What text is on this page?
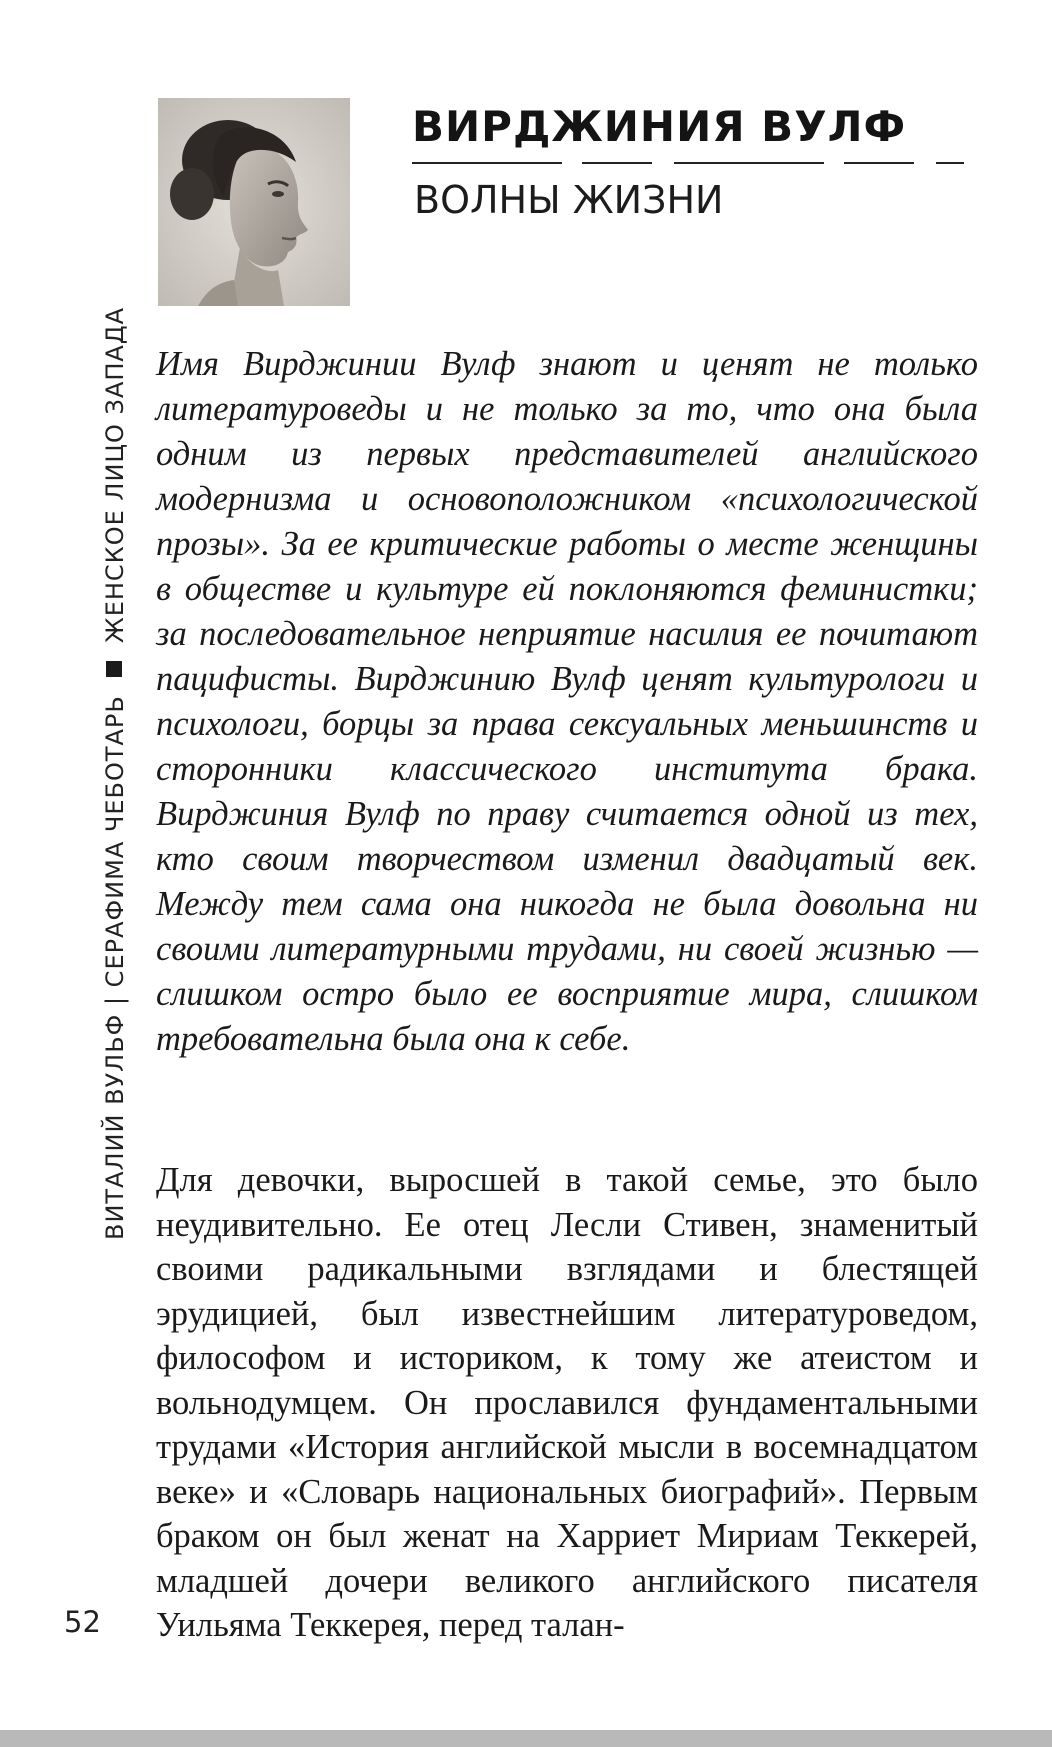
ВИТАЛИЙ ВУЛЬФ | СЕРАФИМА ЧЕБОТАРЬЖЕНСКОЕ ЛИЦО ЗАПАДА
ВИРДЖИНИЯ ВУЛФ
ВОЛНЫ ЖИЗНИ

Имя Вирджинии Вулф знают и ценят не только литературоведы и не только за то, что она была одним из первых представителей английского модернизма и основоположником «психологической прозы». За ее критические работы о месте женщины в обществе и культуре ей поклоняются феминистки; за последовательное неприятие насилия ее почитают пацифисты. Вирджинию Вулф ценят культурологи и психологи, борцы за права сексуальных меньшинств и сторонники классического института брака. Вирджиния Вулф по праву считается одной из тех, кто своим творчеством изменил двадцатый век. Между тем сама она никогда не была довольна ни своими литературными трудами, ни своей жизнью — слишком остро было ее восприятие мира, слишком требовательна была она к себе.

Для девочки, выросшей в такой семье, это было неудивительно. Ее отец Лесли Стивен, знаменитый своими радикальными взглядами и блестящей эрудицией, был известнейшим литературоведом, философом и историком, к тому же атеистом и вольнодумцем. Он прославился фундаментальными трудами «История английской мысли в восемнадцатом веке» и «Словарь национальных биографий». Первым браком он был женат на Харриет Мириам Теккерей, младшей дочери великого английского писателя Уильяма Теккерея, перед талан-

52
